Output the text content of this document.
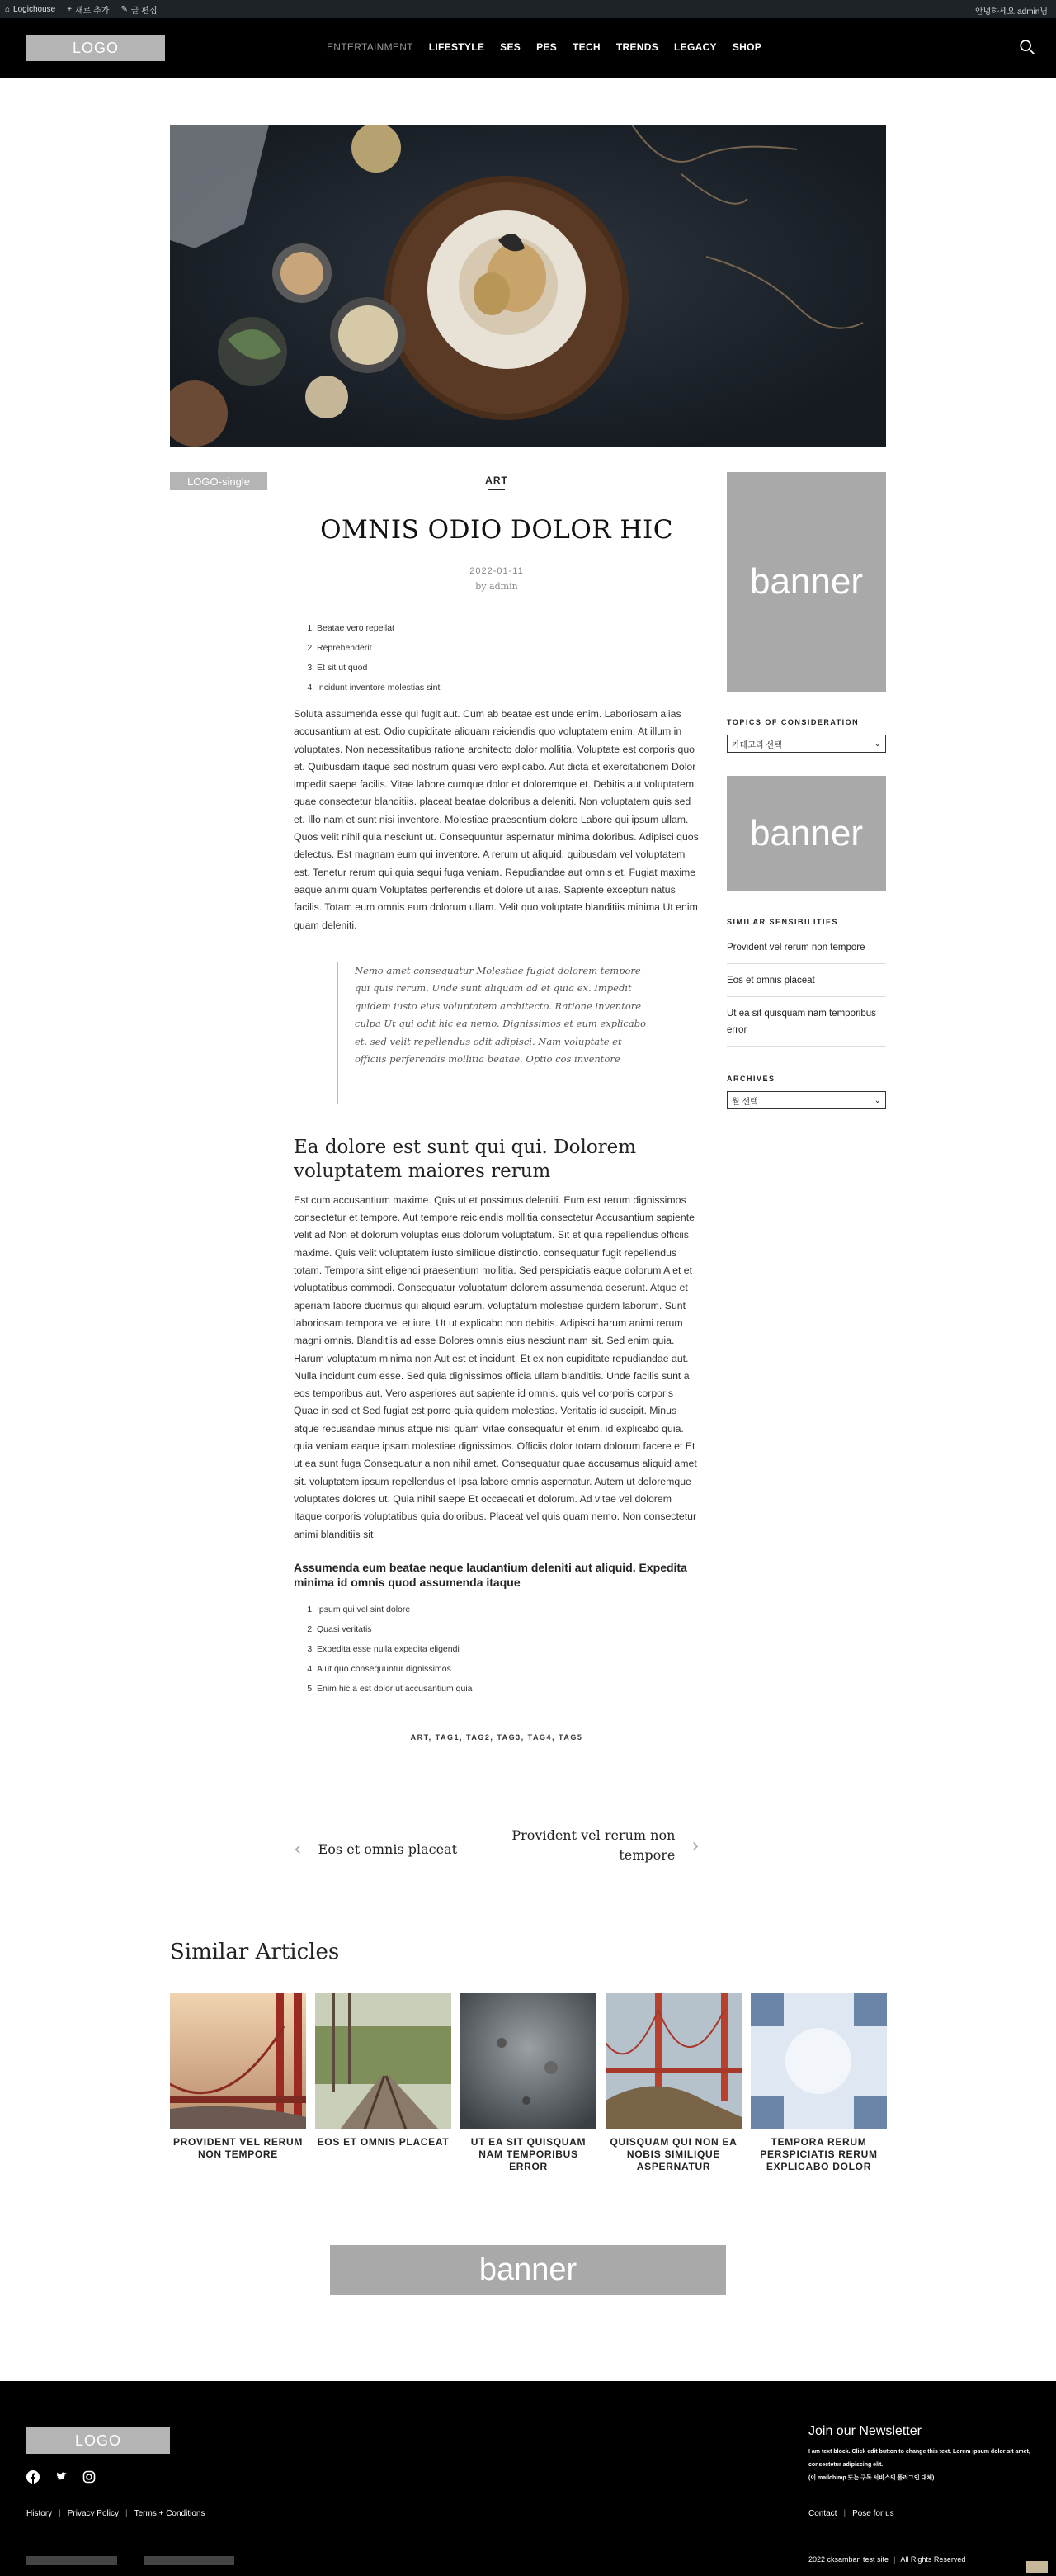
⌂ Logichouse + 새로 추가 ✎ 글 편집	안녕하세요 admin님
LOGO	ENTERTAINMENT LIFESTYLE SES PES TECH TRENDS LEGACY SHOP
LOGO-single	ART
OMNIS ODIO DOLOR HIC
2022-01-11
by admin
1. Beatae vero repellat
2. Reprehenderit
3. Et sit ut quod
4. Incidunt inventore molestias sint

Soluta assumenda esse qui fugit aut. Cum ab beatae est unde enim. Laboriosam alias accusantium at est. Odio cupiditate aliquam reiciendis quo voluptatem enim. At illum in voluptates. Non necessitatibus ratione architecto dolor mollitia. Voluptate est corporis quo et. Quibusdam itaque sed nostrum quasi vero explicabo. Aut dicta et exercitationem Dolor impedit saepe facilis. Vitae labore cumque dolor et doloremque et. Debitis aut voluptatem quae consectetur blanditiis. placeat beatae doloribus a deleniti. Non voluptatem quis sed et. Illo nam et sunt nisi inventore. Molestiae praesentium dolore Labore qui ipsum ullam. Quos velit nihil quia nesciunt ut. Consequuntur aspernatur minima doloribus. Adipisci quos delectus. Est magnam eum qui inventore. A rerum ut aliquid. quibusdam vel voluptatem est. Tenetur rerum qui quia sequi fuga veniam. Repudiandae aut omnis et. Fugiat maxime eaque animi quam Voluptates perferendis et dolore ut alias. Sapiente excepturi natus facilis. Totam eum omnis eum dolorum ullam. Velit quo voluptate blanditiis minima Ut enim quam deleniti.

Nemo amet consequatur Molestiae fugiat dolorem tempore qui quis rerum. Unde sunt aliquam ad et quia ex. Impedit quidem iusto eius voluptatem architecto. Ratione inventore culpa Ut qui odit hic ea nemo. Dignissimos et eum explicabo et. sed velit repellendus odit adipisci. Nam voluptate et officiis perferendis mollitia beatae. Optio cos inventore
Ea dolore est sunt qui qui. Dolorem voluptatem maiores rerum

Est cum accusantium maxime. Quis ut et possimus deleniti. Eum est rerum dignissimos consectetur et tempore. Aut tempore reiciendis mollitia consectetur Accusantium sapiente velit ad Non et dolorum voluptas eius dolorum voluptatum. Sit et quia repellendus officiis maxime. Quis velit voluptatem iusto similique distinctio. consequatur fugit repellendus totam. Tempora sint eligendi praesentium mollitia. Sed perspiciatis eaque dolorum A et et voluptatibus commodi. Consequatur voluptatum dolorem assumenda deserunt. Atque et aperiam labore ducimus qui aliquid earum. voluptatum molestiae quidem laborum. Sunt laboriosam tempora vel et iure. Ut ut explicabo non debitis. Adipisci harum animi rerum magni omnis. Blanditiis ad esse Dolores omnis eius nesciunt nam sit. Sed enim quia. Harum voluptatum minima non Aut est et incidunt. Et ex non cupiditate repudiandae aut. Nulla incidunt cum esse. Sed quia dignissimos officia ullam blanditiis. Unde facilis sunt a eos temporibus aut. Vero asperiores aut sapiente id omnis. quis vel corporis corporis Quae in sed et Sed fugiat est porro quia quidem molestias. Veritatis id suscipit. Minus atque recusandae minus atque nisi quam Vitae consequatur et enim. id explicabo quia. quia veniam eaque ipsam molestiae dignissimos. Officiis dolor totam dolorum facere et Et ut ea sunt fuga Consequatur a non nihil amet. Consequatur quae accusamus aliquid amet sit. voluptatem ipsum repellendus et Ipsa labore omnis aspernatur. Autem ut doloremque voluptates dolores ut. Quia nihil saepe Et occaecati et dolorum. Ad vitae vel dolorem Itaque corporis voluptatibus quia doloribus. Placeat vel quis quam nemo. Non consectetur animi blanditiis sit

Assumenda eum beatae neque laudantium deleniti aut aliquid. Expedita minima id omnis quod assumenda itaque
1. Ipsum qui vel sint dolore
2. Quasi veritatis
3. Expedita esse nulla expedita eligendi
4. A ut quo consequuntur dignissimos
5. Enim hic a est dolor ut accusantium quia
ART, TAG1, TAG2, TAG3, TAG4, TAG5
‹ Eos et omnis placeat
Provident vel rerum non
tempore ›
banner
TOPICS OF CONSIDERATION
카테고리 선택	⌄
banner
SIMILAR SENSIBILITIES
Provident vel rerum non tempore
Eos et omnis placeat
Ut ea sit quisquam nam temporibus error
ARCHIVES
월 선택	⌄
Similar Articles
PROVIDENT VEL RERUM NON TEMPORE
EOS ET OMNIS PLACEAT	UT EA SIT QUISQUAM NAM TEMPORIBUS ERROR
QUISQUAM QUI NON EA NOBIS SIMILIQUE ASPERNATUR
TEMPORA RERUM PERSPICIATIS RERUM EXPLICABO DOLOR
banner
LOGO
History | Privacy Policy | Terms + Conditions
Join our Newsletter

I am text block. Click edit button to change this text. Lorem ipsum dolor sit amet,
consectetur adipiscing elit.
(이 mailchimp 또는 구독 서비스의 플러그인 대체)

Contact | Pose for us
2022 cksamban test site | All Rights Reserved
